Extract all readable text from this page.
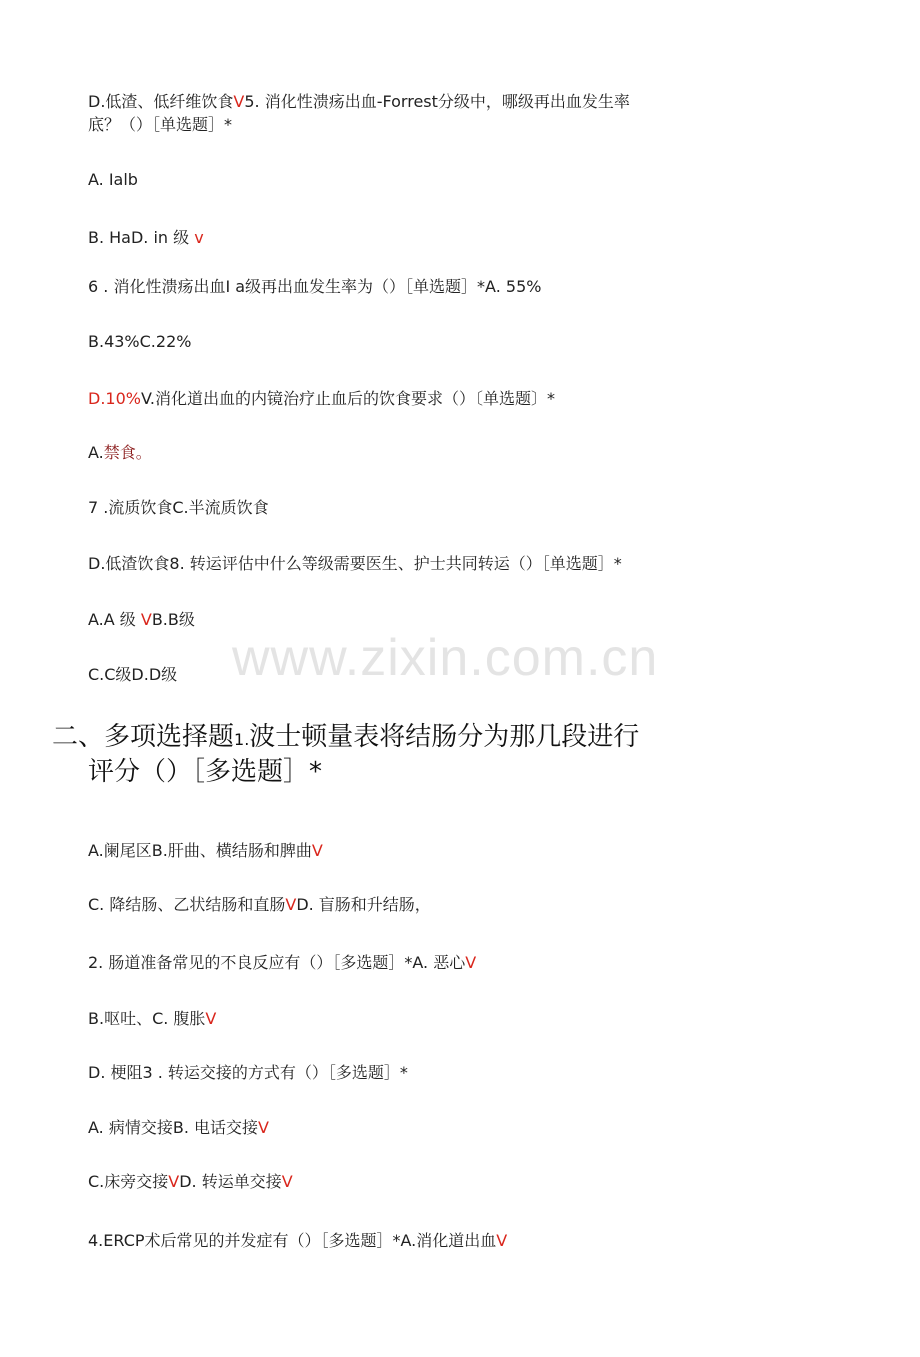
www.zixin.com.cn
D.低渣、低纤维饮食V5. 消化性溃疡出血-Forrest分级中，哪级再出血发生率
底？（）［单选题］*
A. Ialb
B. HaD. in 级 v
6 . 消化性溃疡出血I a级再出血发生率为（）［单选题］*A. 55%
B.43%C.22%
D.10%V.消化道出血的内镜治疗止血后的饮食要求（）〔单选题〕*
A.禁食。
7 .流质饮食C.半流质饮食
D.低渣饮食8. 转运评估中什么等级需要医生、护士共同转运（）［单选题］*
A.A 级 VB.B级
C.C级D.D级
二、多项选择题1.波士顿量表将结肠分为那几段进行
评分（）［多选题］*
A.阑尾区B.肝曲、横结肠和脾曲V
C. 降结肠、乙状结肠和直肠VD. 盲肠和升结肠，
2. 肠道准备常见的不良反应有（）［多选题］*A. 恶心V
B.呕吐、C. 腹胀V
D. 梗阻3 . 转运交接的方式有（）［多选题］*
A. 病情交接B. 电话交接V
C.床旁交接VD. 转运单交接V
4.ERCP术后常见的并发症有（）［多选题］*A.消化道出血V
